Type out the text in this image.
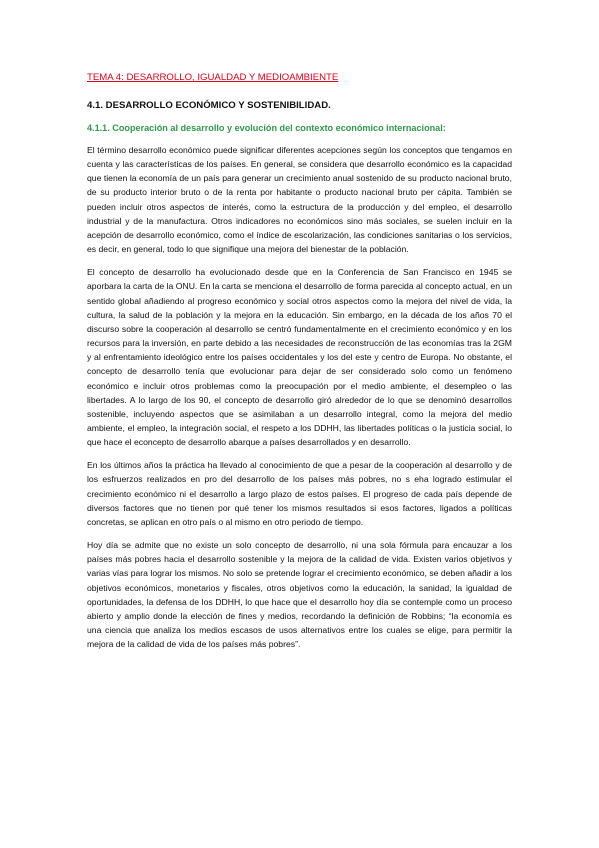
TEMA 4: DESARROLLO, IGUALDAD Y MEDIOAMBIENTE
4.1. DESARROLLO ECONÓMICO Y SOSTENIBILIDAD.
4.1.1. Cooperación al desarrollo y evolución del contexto económico internacional:

El término desarrollo económico puede significar diferentes acepciones según los conceptos que tengamos en cuenta y las características de los países. En general, se considera que desarrollo económico es la capacidad que tienen la economía de un país para generar un crecimiento anual sostenido de su producto nacional bruto, de su producto interior bruto o de la renta por habitante o producto nacional bruto per cápita. También se pueden incluir otros aspectos de interés, como la estructura de la producción y del empleo, el desarrollo industrial y de la manufactura. Otros indicadores no económicos sino más sociales, se suelen incluir en la acepción de desarrollo económico, como el índice de escolarización, las condiciones sanitarias o los servicios, es decir, en general, todo lo que signifique una mejora del bienestar de la población.

El concepto de desarrollo ha evolucionado desde que en la Conferencia de San Francisco en 1945 se aporbara la carta de la ONU. En la carta se menciona el desarrollo de forma parecida al concepto actual, en un sentido global añadiendo al progreso económico y social otros aspectos como la mejora del nivel de vida, la cultura, la salud de la población y la mejora en la educación. Sin embargo, en la década de los años 70 el discurso sobre la cooperación al desarrollo se centró fundamentalmente en el crecimiento económico y en los recursos para la inversión, en parte debido a las necesidades de reconstrucción de las economías tras la 2GM y al enfrentamiento ideológico entre los países occidentales y los del este y centro de Europa. No obstante, el concepto de desarrollo tenía que evolucionar para dejar de ser considerado solo como un fenómeno económico e incluir otros problemas como la preocupación por el medio ambiente, el desempleo o las libertades. A lo largo de los 90, el concepto de desarrollo giró alrededor de lo que se denominó desarrollos sostenible, incluyendo aspectos que se asimilaban a un desarrollo integral, como la mejora del medio ambiente, el empleo, la integración social, el respeto a los DDHH, las libertades políticas o la justicia social, lo que hace el econcepto de desarrollo abarque a países desarrollados y en desarrollo.

En los últimos años la práctica ha llevado al conocimiento de que a pesar de la cooperación al desarrollo y de los esfruerzos realizados en pro del desarrollo de los países más pobres, no s eha logrado estimular el crecimiento económico ni el desarrollo a largo plazo de estos países. El progreso de cada país depende de diversos factores que no tienen por qué tener los mismos resultados si esos factores, ligados a políticas concretas, se aplican en otro país o al mismo en otro periodo de tiempo.

Hoy día se admite que no existe un solo concepto de desarrollo, ni una sola fórmula para encauzar a los países más pobres hacia el desarrollo sostenible y la mejora de la calidad de vida. Existen varios objetivos y varias vías para lograr los mismos. No solo se pretende lograr el crecimiento económico, se deben añadir a los objetivos económicos, monetarios y fiscales, otros objetivos como la educación, la sanidad, la igualdad de oportunidades, la defensa de los DDHH, lo que hace que el desarrollo hoy día se contemple como un proceso abierto y amplio donde la elección de fines y medios, recordando la definición de Robbins; “la economía es una ciencia que analiza los medios escasos de usos alternativos entre los cuales se elige, para permitir la mejora de la calidad de vida de los países más pobres”.
